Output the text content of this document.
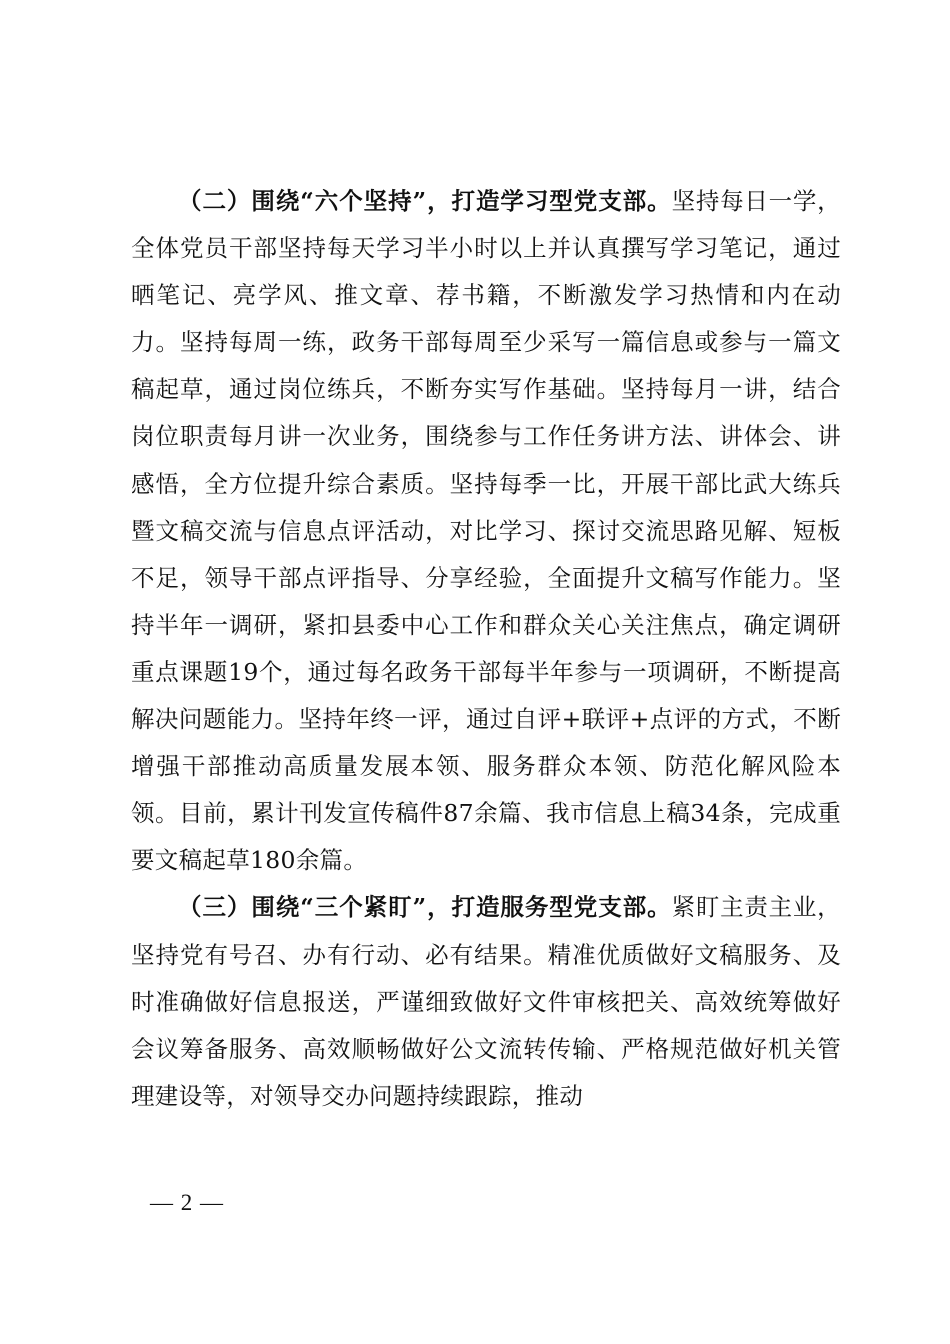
（二）围绕“六个坚持”，打造学习型党支部。坚持每日一学，全体党员干部坚持每天学习半小时以上并认真撰写学习笔记，通过晒笔记、亮学风、推文章、荐书籍，不断激发学习热情和内在动力。坚持每周一练，政务干部每周至少采写一篇信息或参与一篇文稿起草，通过岗位练兵，不断夯实写作基础。坚持每月一讲，结合岗位职责每月讲一次业务，围绕参与工作任务讲方法、讲体会、讲感悟，全方位提升综合素质。坚持每季一比，开展干部比武大练兵暨文稿交流与信息点评活动，对比学习、探讨交流思路见解、短板不足，领导干部点评指导、分享经验，全面提升文稿写作能力。坚持半年一调研，紧扣县委中心工作和群众关心关注焦点，确定调研重点课题19个，通过每名政务干部每半年参与一项调研，不断提高解决问题能力。坚持年终一评，通过自评+联评+点评的方式，不断增强干部推动高质量发展本领、服务群众本领、防范化解风险本领。目前，累计刊发宣传稿件87余篇、我市信息上稿34条，完成重要文稿起草180余篇。

（三）围绕“三个紧盯”，打造服务型党支部。紧盯主责主业，坚持党有号召、办有行动、必有结果。精准优质做好文稿服务、及时准确做好信息报送，严谨细致做好文件审核把关、高效统筹做好会议筹备服务、高效顺畅做好公文流转传输、严格规范做好机关管理建设等，对领导交办问题持续跟踪，推动

— 2 —
